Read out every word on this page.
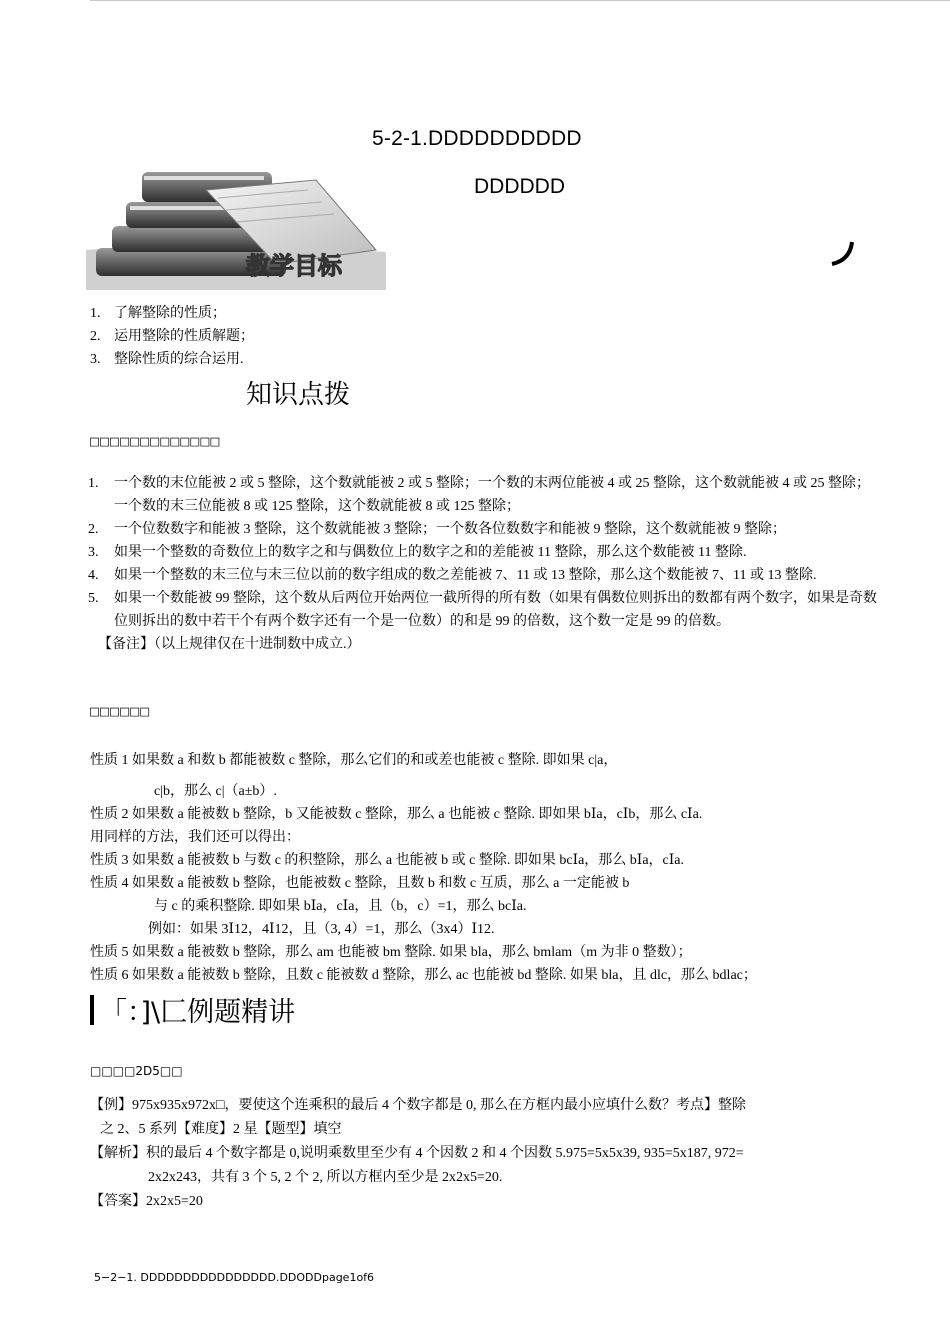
5-2-1.DDDDDDDDDD
DDDDDD
教学目标
1. 了解整除的性质；
2. 运用整除的性质解题；
3. 整除性质的综合运用.
知识点拨
□□□□□□□□□□□□□
1. 一个数的末位能被 2 或 5 整除，这个数就能被 2 或 5 整除；一个数的末两位能被 4 或 25 整除，这个数就能被 4 或 25 整除；一个数的末三位能被 8 或 125 整除，这个数就能被 8 或 125 整除；
2. 一个位数数字和能被 3 整除，这个数就能被 3 整除；一个数各位数数字和能被 9 整除，这个数就能被 9 整除；
3. 如果一个整数的奇数位上的数字之和与偶数位上的数字之和的差能被 11 整除，那么这个数能被 11 整除.
4. 如果一个整数的末三位与末三位以前的数字组成的数之差能被 7、11 或 13 整除，那么这个数能被 7、11 或 13 整除.
5. 如果一个数能被 99 整除，这个数从后两位开始两位一截所得的所有数（如果有偶数位则拆出的数都有两个数字，如果是奇数位则拆出的数中若干个有两个数字还有一个是一位数）的和是 99 的倍数，这个数一定是 99 的倍数。
【备注】（以上规律仅在十进制数中成立.）
□□□□□□

性质 1 如果数 a 和数 b 都能被数 c 整除，那么它们的和或差也能被 c 整除. 即如果 c|a，

c|b，那么 c|（a±b）.

性质 2 如果数 a 能被数 b 整除，b 又能被数 c 整除，那么 a 也能被 c 整除. 即如果 bⅠa，cⅠb，那么 cⅠa.

用同样的方法，我们还可以得出：

性质 3 如果数 a 能被数 b 与数 c 的积整除，那么 a 也能被 b 或 c 整除. 即如果 bcⅠa，那么 bⅠa，cⅠa.

性质 4 如果数 a 能被数 b 整除，也能被数 c 整除，且数 b 和数 c 互质，那么 a 一定能被 b

与 c 的乘积整除. 即如果 bⅠa，cⅠa，且（b，c）=1，那么 bcⅠa.

例如：如果 3Ⅰ12，4Ⅰ12，且（3, 4）=1，那么（3x4）Ⅰ12.

性质 5 如果数 a 能被数 b 整除，那么 am 也能被 bm 整除. 如果 bla，那么 bmlam（m 为非 0 整数）；

性质 6 如果数 a 能被数 b 整除，且数 c 能被数 d 整除，那么 ac 也能被 bd 整除. 如果 bla，且 dlc，那么 bdlac；

「：]\匚 例题精讲
□□□□2D5□□

【例】975x935x972x□，要使这个连乘积的最后 4 个数字都是 0, 那么在方框内最小应填什么数？考点】整除

之 2、5 系列【难度】2 星【题型】填空

【解析】积的最后 4 个数字都是 0,说明乘数里至少有 4 个因数 2 和 4 个因数 5.975=5x5x39, 935=5x187, 972=

2x2x243，共有 3 个 5, 2 个 2, 所以方框内至少是 2x2x5=20.

【答案】2x2x5=20

5−2−1. DDDDDDDDDDDDDDDD.DDODDpage1of6
